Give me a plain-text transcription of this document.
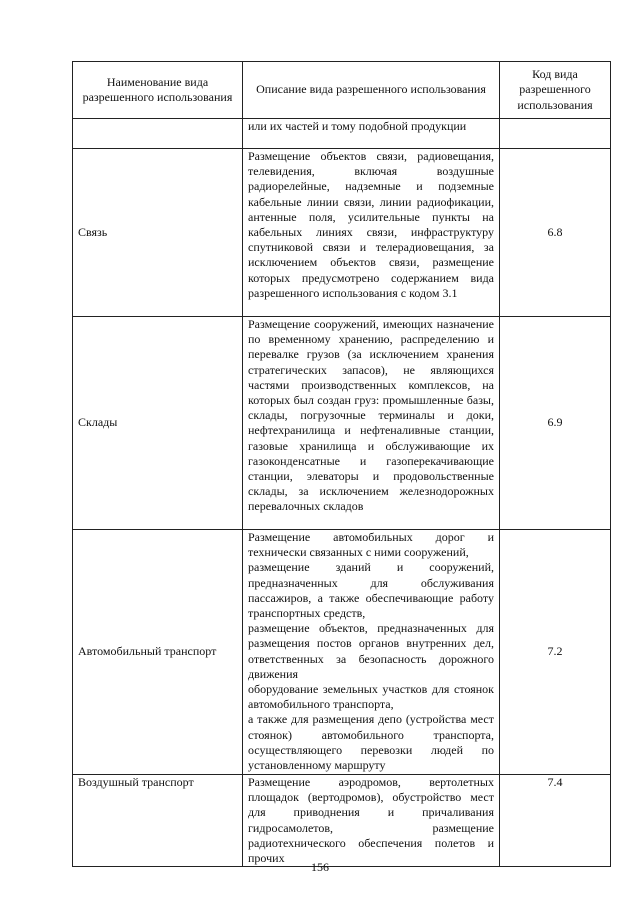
Наименование вида разрешенного использования	Описание вида разрешенного использования	Код вида разрешенного использования
	или их частей и тому подобной продукции	
Связь	Размещение объектов связи, радиовещания, телевидения, включая воздушные радиорелейные, надземные и подземные кабельные линии связи, линии радиофикации, антенные поля, усилительные пункты на кабельных линиях связи, инфраструктуру спутниковой связи и телерадиовещания, за исключением объектов связи, размещение которых предусмотрено содержанием вида разрешенного использования с кодом 3.1	6.8
Склады	Размещение сооружений, имеющих назначение по временному хранению, распределению и перевалке грузов (за исключением хранения стратегических запасов), не являющихся частями производственных комплексов, на которых был создан груз: промышленные базы, склады, погрузочные терминалы и доки, нефтехранилища и нефтеналивные станции, газовые хранилища и обслуживающие их газоконденсатные и газоперекачивающие станции, элеваторы и продовольственные склады, за исключением железнодорожных перевалочных складов	6.9
Автомобильный транспорт	Размещение автомобильных дорог и технически связанных с ними сооружений,
размещение зданий и сооружений, предназначенных для обслуживания пассажиров, а также обеспечивающие работу транспортных средств,
размещение объектов, предназначенных для размещения постов органов внутренних дел, ответственных за безопасность дорожного движения
оборудование земельных участков для стоянок автомобильного транспорта,
а также для размещения депо (устройства мест стоянок) автомобильного транспорта, осуществляющего перевозки людей по установленному маршруту	7.2
Воздушный транспорт	Размещение аэродромов, вертолетных площадок (вертодромов), обустройство мест для приводнения и причаливания гидросамолетов, размещение радиотехнического обеспечения полетов и прочих	7.4
156
